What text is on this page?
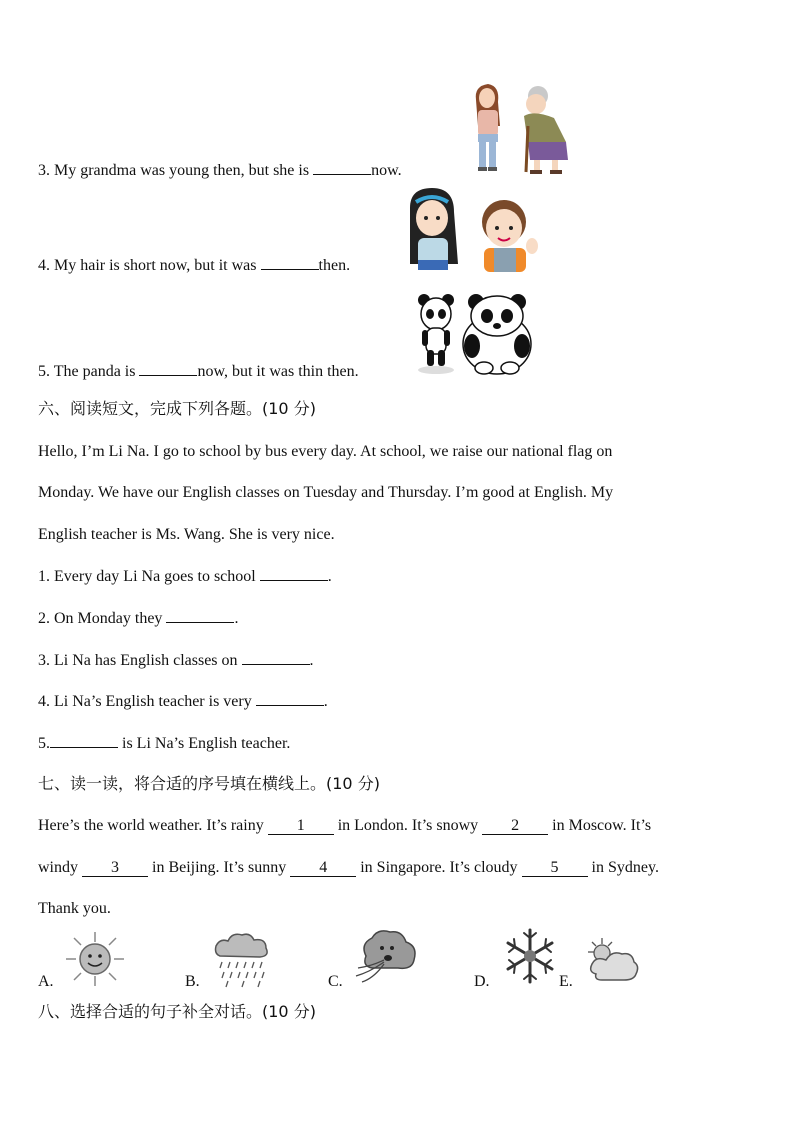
3. My grandma was young then, but she is	now.
4. My hair is short now, but it was	then.
5. The panda is	now, but it was thin then.
六、阅读短文，完成下列各题。(10 分)
Hello, I’m Li Na. I go to school by bus every day. At school, we raise our national flag on
Monday. We have our English classes on Tuesday and Thursday. I’m good at English. My
English teacher is Ms. Wang. She is very nice.
1. Every day Li Na goes to school	.
2. On Monday they	.
3. Li Na has English classes on	.
4. Li Na’s English teacher is very	.
5.	is Li Na’s English teacher.
七、读一读，将合适的序号填在横线上。(10 分)
Here’s the world weather. It’s rainy 1 in London. It’s snowy 2 in Moscow. It’s
windy 3 in Beijing. It’s sunny 4 in Singapore. It’s cloudy 5 in Sydney.
Thank you.
A.	B.	C.	D.	E.
八、选择合适的句子补全对话。(10 分)
